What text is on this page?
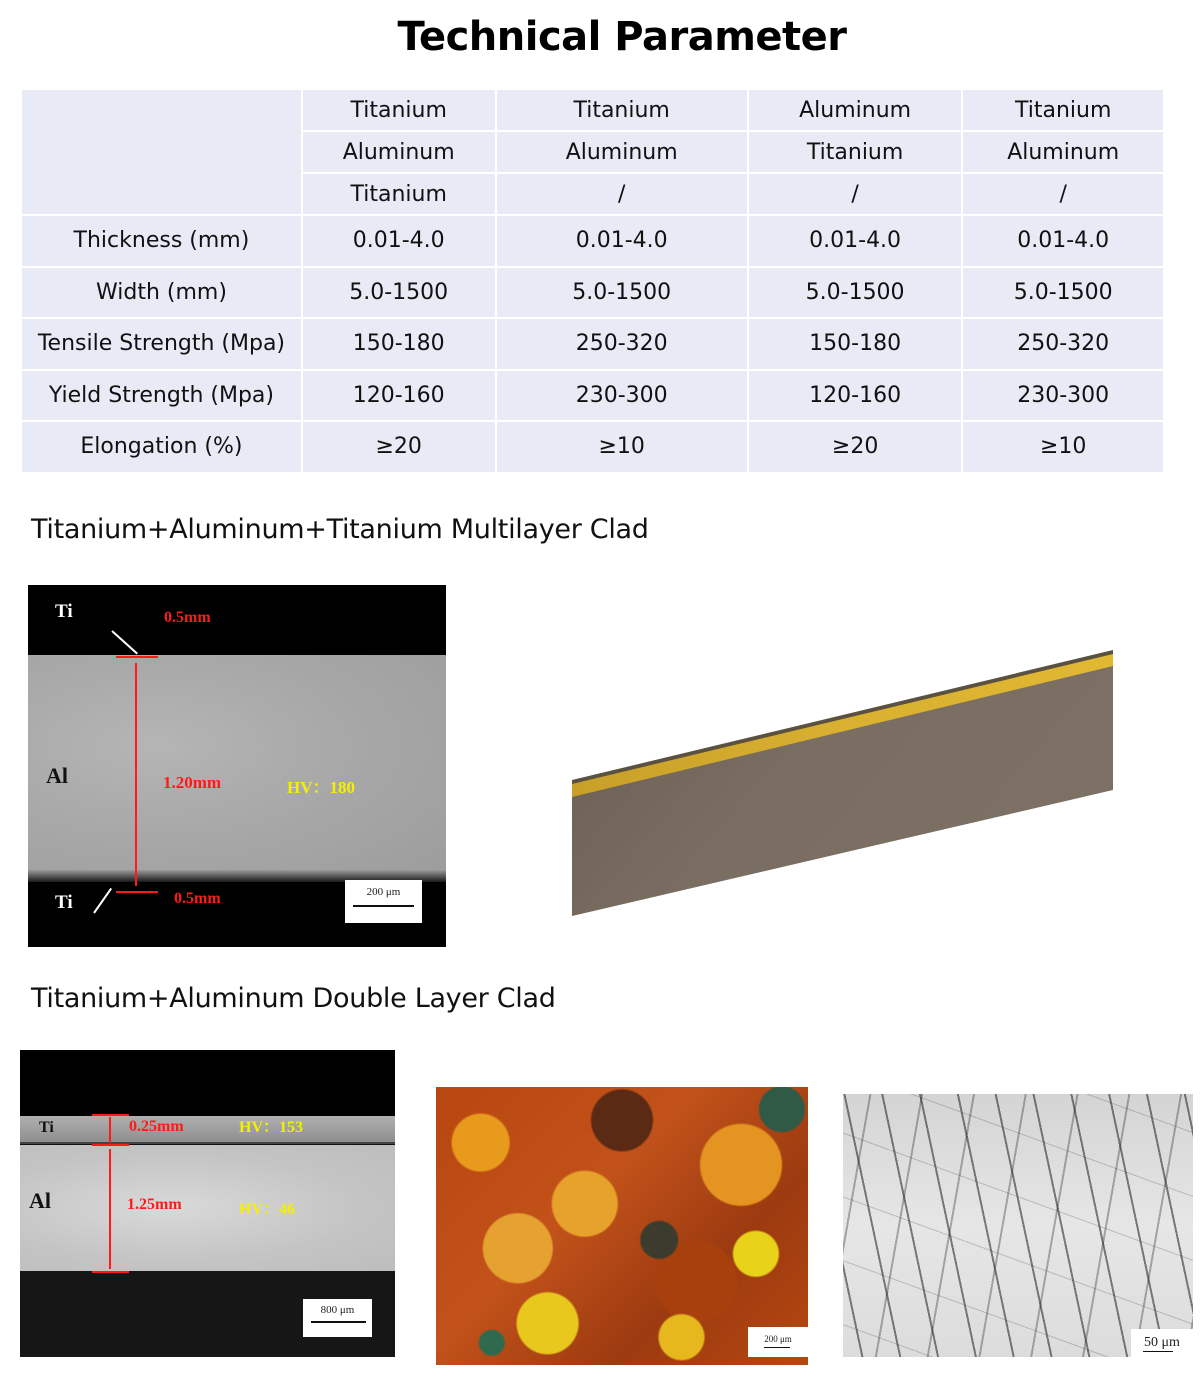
Technical Parameter
	Titanium	Titanium	Aluminum	Titanium
	Aluminum	Aluminum	Titanium	Aluminum
	Titanium	/	/	/
Thickness (mm)	0.01-4.0	0.01-4.0	0.01-4.0	0.01-4.0
Width (mm)	5.0-1500	5.0-1500	5.0-1500	5.0-1500
Tensile Strength (Mpa)	150-180	250-320	150-180	250-320
Yield Strength (Mpa)	120-160	230-300	120-160	230-300
Elongation (%)	≥20	≥10	≥20	≥10
Titanium+Aluminum+Titanium Multilayer Clad
Ti	0.5mm
Al	1.20mm	HV：180
Ti	0.5mm	200 μm
Titanium+Aluminum Double Layer Clad
Ti	0.25mm	HV：153
Al	1.25mm	HV：46
800 μm
200 μm	50 μm
